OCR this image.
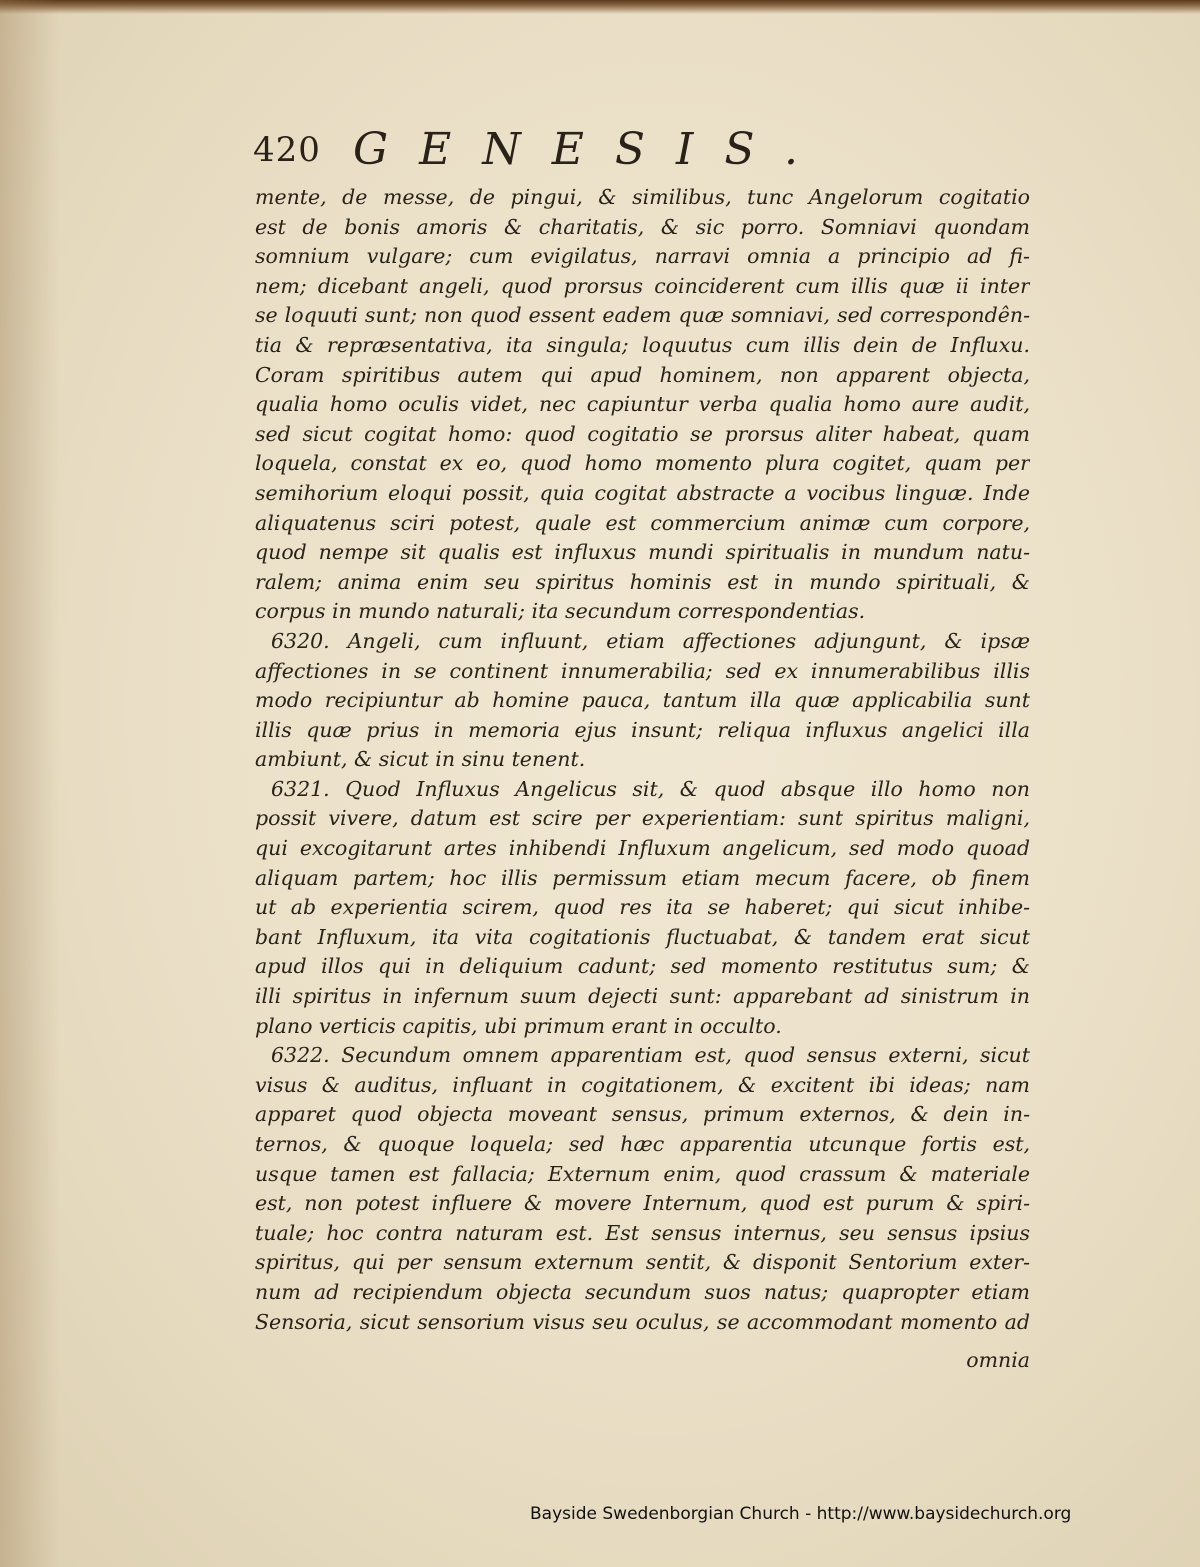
420 GENESIS.
mente, de messe, de pingui, & similibus, tunc Angelorum cogitatio
est de bonis amoris & charitatis, & sic porro. Somniavi quondam
somnium vulgare; cum evigilatus, narravi omnia a principio ad fi-
nem; dicebant angeli, quod prorsus coinciderent cum illis quæ ii inter
se loquuti sunt; non quod essent eadem quæ somniavi, sed correspondên-
tia & repræsentativa, ita singula; loquutus cum illis dein de Influxu.
Coram spiritibus autem qui apud hominem, non apparent objecta,
qualia homo oculis videt, nec capiuntur verba qualia homo aure audit,
sed sicut cogitat homo: quod cogitatio se prorsus aliter habeat, quam
loquela, constat ex eo, quod homo momento plura cogitet, quam per
semihorium eloqui possit, quia cogitat abstracte a vocibus linguæ. Inde
aliquatenus sciri potest, quale est commercium animæ cum corpore,
quod nempe sit qualis est influxus mundi spiritualis in mundum natu-
ralem; anima enim seu spiritus hominis est in mundo spirituali, &
corpus in mundo naturali; ita secundum correspondentias.
6320. Angeli, cum influunt, etiam affectiones adjungunt, & ipsæ
affectiones in se continent innumerabilia; sed ex innumerabilibus illis
modo recipiuntur ab homine pauca, tantum illa quæ applicabilia sunt
illis quæ prius in memoria ejus insunt; reliqua influxus angelici illa
ambiunt, & sicut in sinu tenent.
6321. Quod Influxus Angelicus sit, & quod absque illo homo non
possit vivere, datum est scire per experientiam: sunt spiritus maligni,
qui excogitarunt artes inhibendi Influxum angelicum, sed modo quoad
aliquam partem; hoc illis permissum etiam mecum facere, ob finem
ut ab experientia scirem, quod res ita se haberet; qui sicut inhibe-
bant Influxum, ita vita cogitationis fluctuabat, & tandem erat sicut
apud illos qui in deliquium cadunt; sed momento restitutus sum; &
illi spiritus in infernum suum dejecti sunt: apparebant ad sinistrum in
plano verticis capitis, ubi primum erant in occulto.
6322. Secundum omnem apparentiam est, quod sensus externi, sicut
visus & auditus, influant in cogitationem, & excitent ibi ideas; nam
apparet quod objecta moveant sensus, primum externos, & dein in-
ternos, & quoque loquela; sed hæc apparentia utcunque fortis est,
usque tamen est fallacia; Externum enim, quod crassum & materiale
est, non potest influere & movere Internum, quod est purum & spiri-
tuale; hoc contra naturam est. Est sensus internus, seu sensus ipsius
spiritus, qui per sensum externum sentit, & disponit Sentorium exter-
num ad recipiendum objecta secundum suos natus; quapropter etiam
Sensoria, sicut sensorium visus seu oculus, se accommodant momento ad
omnia
Bayside Swedenborgian Church - http://www.baysidechurch.org
